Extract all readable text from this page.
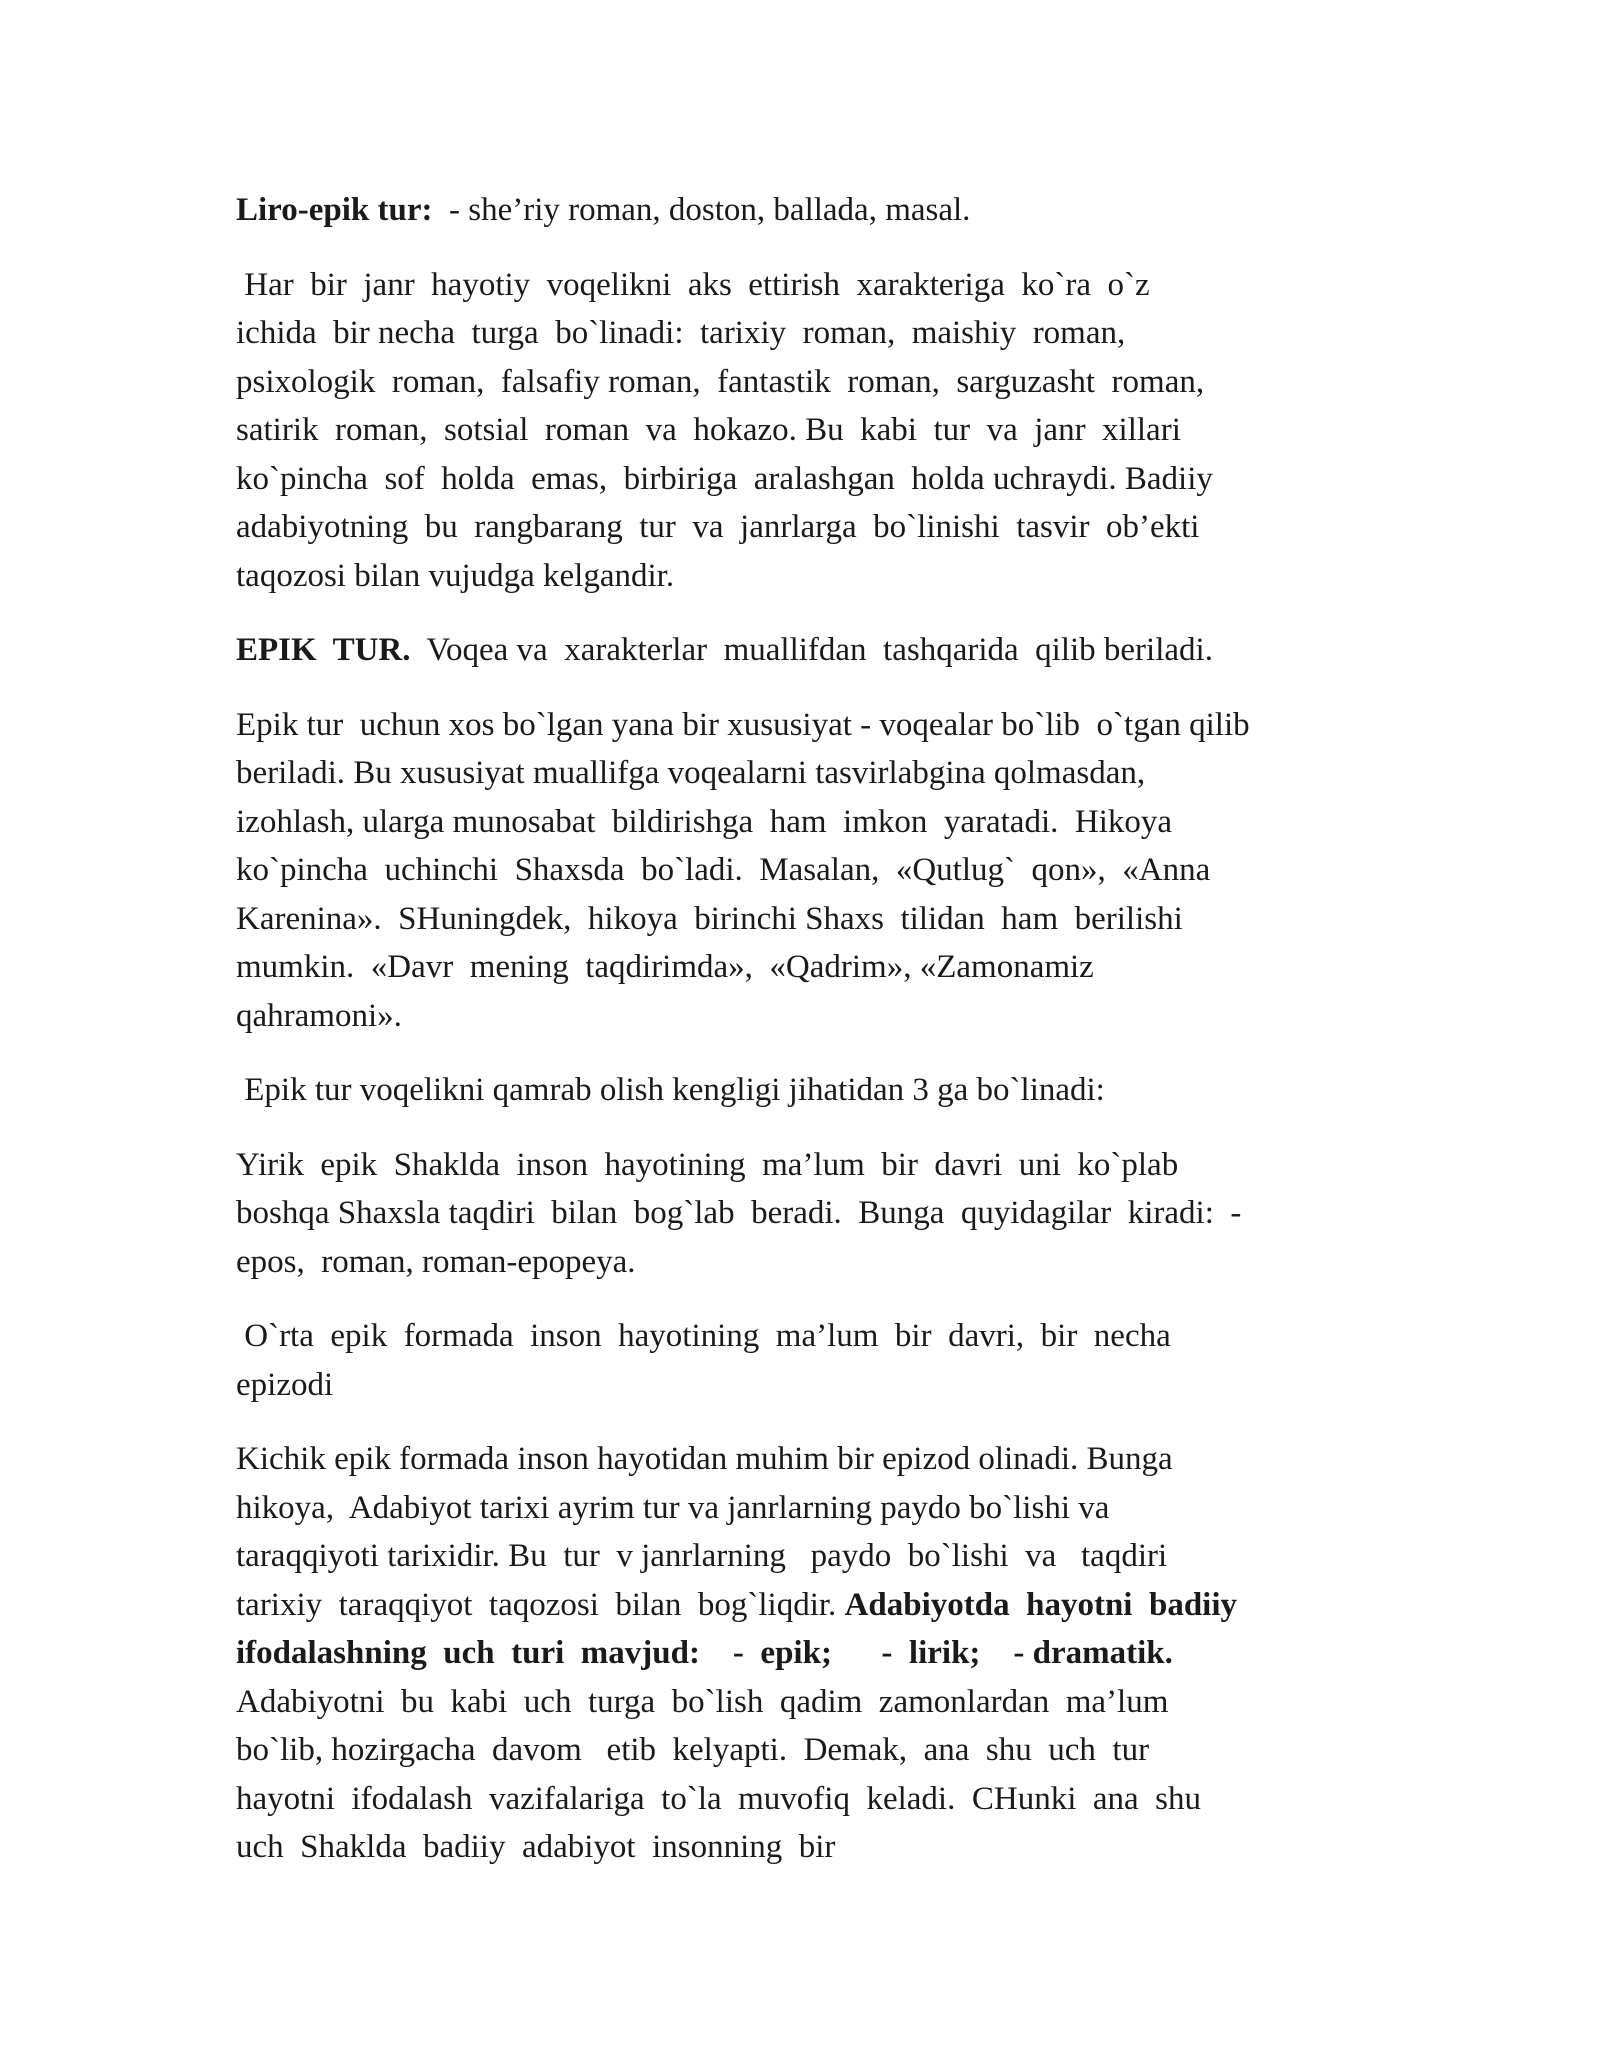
Liro-epik tur:  - she’riy roman, doston, ballada, masal.

Har  bir  janr  hayotiy  voqelikni  aks  ettirish  xarakteriga  ko`ra  o`z
ichida  bir necha  turga  bo`linadi:  tarixiy  roman,  maishiy  roman,
psixologik  roman,  falsafiy roman,  fantastik  roman,  sarguzasht  roman,
satirik  roman,  sotsial  roman  va  hokazo. Bu  kabi  tur  va  janr  xillari
ko`pincha  sof  holda  emas,  birbiriga  aralashgan  holda uchraydi. Badiiy
adabiyotning  bu  rangbarang  tur  va  janrlarga  bo`linishi  tasvir  ob’ekti
taqozosi bilan vujudga kelgandir.

EPIK  TUR.  Voqea va  xarakterlar  muallifdan  tashqarida  qilib beriladi.

Epik tur  uchun xos bo`lgan yana bir xususiyat - voqealar bo`lib  o`tgan qilib
beriladi. Bu xususiyat muallifga voqealarni tasvirlabgina qolmasdan,
izohlash, ularga munosabat  bildirishga  ham  imkon  yaratadi.  Hikoya
ko`pincha  uchinchi  Shaxsda  bo`ladi.  Masalan,  «Qutlug`  qon»,  «Anna
Karenina».  SHuningdek,  hikoya  birinchi Shaxs  tilidan  ham  berilishi
mumkin.  «Davr  mening  taqdirimda»,  «Qadrim», «Zamonamiz
qahramoni».

Epik tur voqelikni qamrab olish kengligi jihatidan 3 ga bo`linadi:

Yirik  epik  Shaklda  inson  hayotining  ma’lum  bir  davri  uni  ko`plab
boshqa Shaxsla taqdiri  bilan  bog`lab  beradi.  Bunga  quyidagilar  kiradi:  -
epos,  roman, roman-epopeya.

O`rta  epik  formada  inson  hayotining  ma’lum  bir  davri,  bir  necha
epizodi

Kichik epik formada inson hayotidan muhim bir epizod olinadi. Bunga
hikoya,  Adabiyot tarixi ayrim tur va janrlarning paydo bo`lishi va
taraqqiyoti tarixidir. Bu  tur  v janrlarning   paydo  bo`lishi  va   taqdiri
tarixiy  taraqqiyot  taqozosi  bilan  bog`liqdir. Adabiyotda  hayotni  badiiy
ifodalashning  uch  turi  mavjud:    -  epik;      -  lirik;    - dramatik.
Adabiyotni  bu  kabi  uch  turga  bo`lish  qadim  zamonlardan  ma’lum
bo`lib, hozirgacha  davom   etib  kelyapti.  Demak,  ana  shu  uch  tur
hayotni  ifodalash  vazifalariga  to`la  muvofiq  keladi.  CHunki  ana  shu
uch  Shaklda  badiiy  adabiyot  insonning  bir
